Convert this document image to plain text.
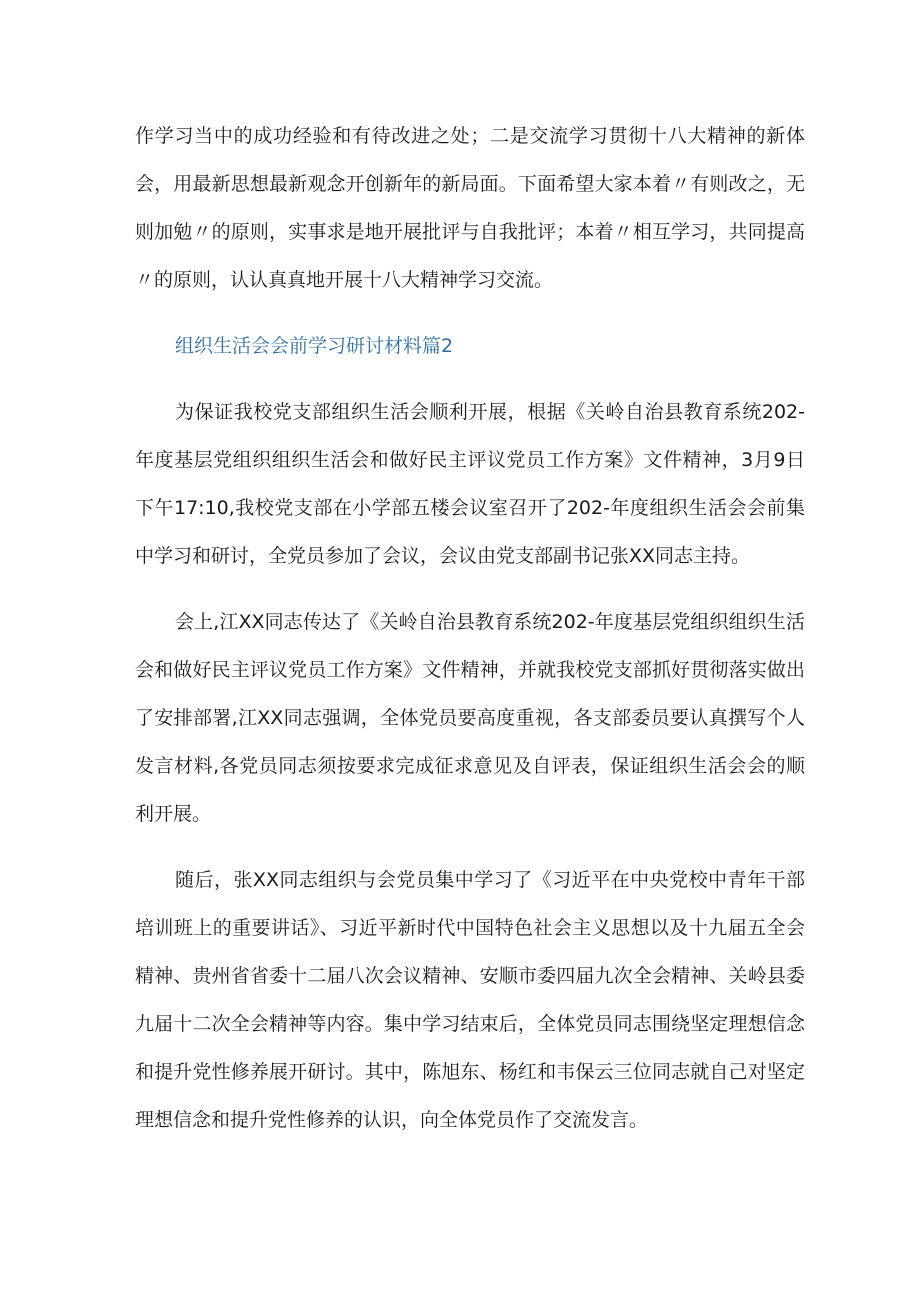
作学习当中的成功经验和有待改进之处；二是交流学习贯彻十八大精神的新体会，用最新思想最新观念开创新年的新局面。下面希望大家本着〃有则改之，无则加勉〃的原则，实事求是地开展批评与自我批评；本着〃相互学习，共同提高〃的原则，认认真真地开展十八大精神学习交流。

组织生活会会前学习研讨材料篇2

为保证我校党支部组织生活会顺利开展，根据《关岭自治县教育系统202-年度基层党组织组织生活会和做好民主评议党员工作方案》文件精神，3月9日下午17:10,我校党支部在小学部五楼会议室召开了202-年度组织生活会会前集中学习和研讨，全党员参加了会议，会议由党支部副书记张XX同志主持。

会上,江XX同志传达了《关岭自治县教育系统202-年度基层党组织组织生活会和做好民主评议党员工作方案》文件精神，并就我校党支部抓好贯彻落实做出了安排部署,江XX同志强调，全体党员要高度重视，各支部委员要认真撰写个人发言材料,各党员同志须按要求完成征求意见及自评表，保证组织生活会会的顺利开展。

随后，张XX同志组织与会党员集中学习了《习近平在中央党校中青年干部培训班上的重要讲话》、习近平新时代中国特色社会主义思想以及十九届五全会精神、贵州省省委十二届八次会议精神、安顺市委四届九次全会精神、关岭县委九届十二次全会精神等内容。集中学习结束后，全体党员同志围绕坚定理想信念和提升党性修养展开研讨。其中，陈旭东、杨红和韦保云三位同志就自己对坚定理想信念和提升党性修养的认识，向全体党员作了交流发言。
